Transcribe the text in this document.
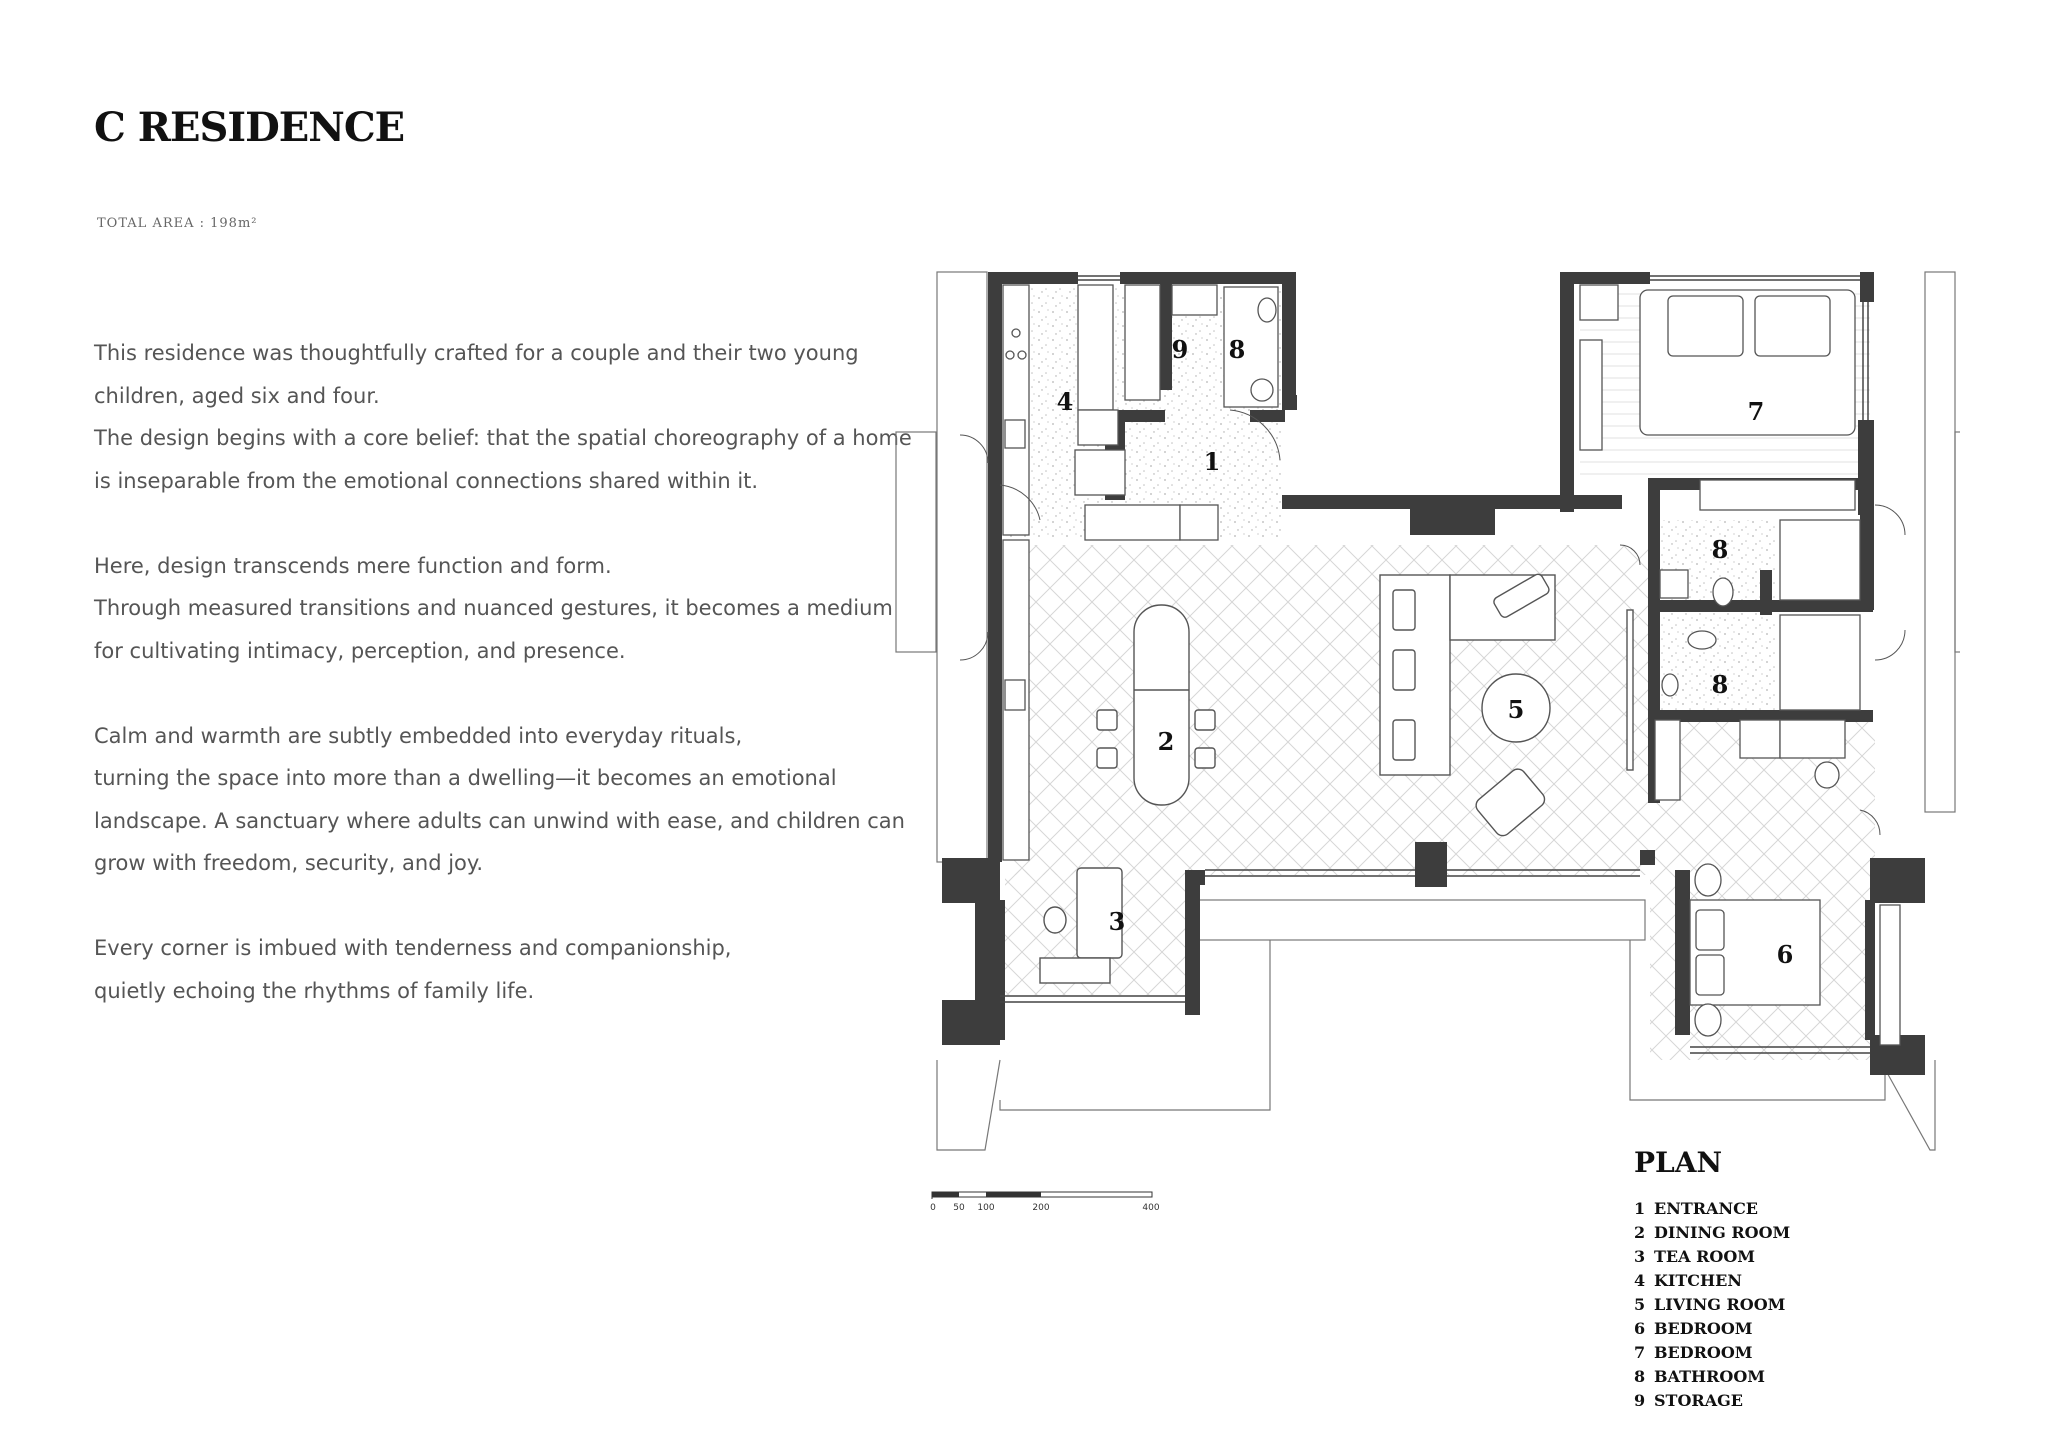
C RESIDENCE
TOTAL AREA : 198m²

This residence was thoughtfully crafted for a couple and their two young
children, aged six and four.
The design begins with a core belief: that the spatial choreography of a home
is inseparable from the emotional connections shared within it.

Here, design transcends mere function and form.
Through measured transitions and nuanced gestures, it becomes a medium
for cultivating intimacy, perception, and presence.

Calm and warmth are subtly embedded into everyday rituals,
turning the space into more than a dwelling—it becomes an emotional
landscape. A sanctuary where adults can unwind with ease, and children can
grow with freedom, security, and joy.

Every corner is imbued with tenderness and companionship,
quietly echoing the rhythms of family life.

1
2
3
4
5
6
7
8
8
8
9
0 50 100	200	400
PLAN
1 ENTRANCE
2 DINING ROOM
3 TEA ROOM
4 KITCHEN
5 LIVING ROOM
6 BEDROOM
7 BEDROOM
8 BATHROOM
9 STORAGE
